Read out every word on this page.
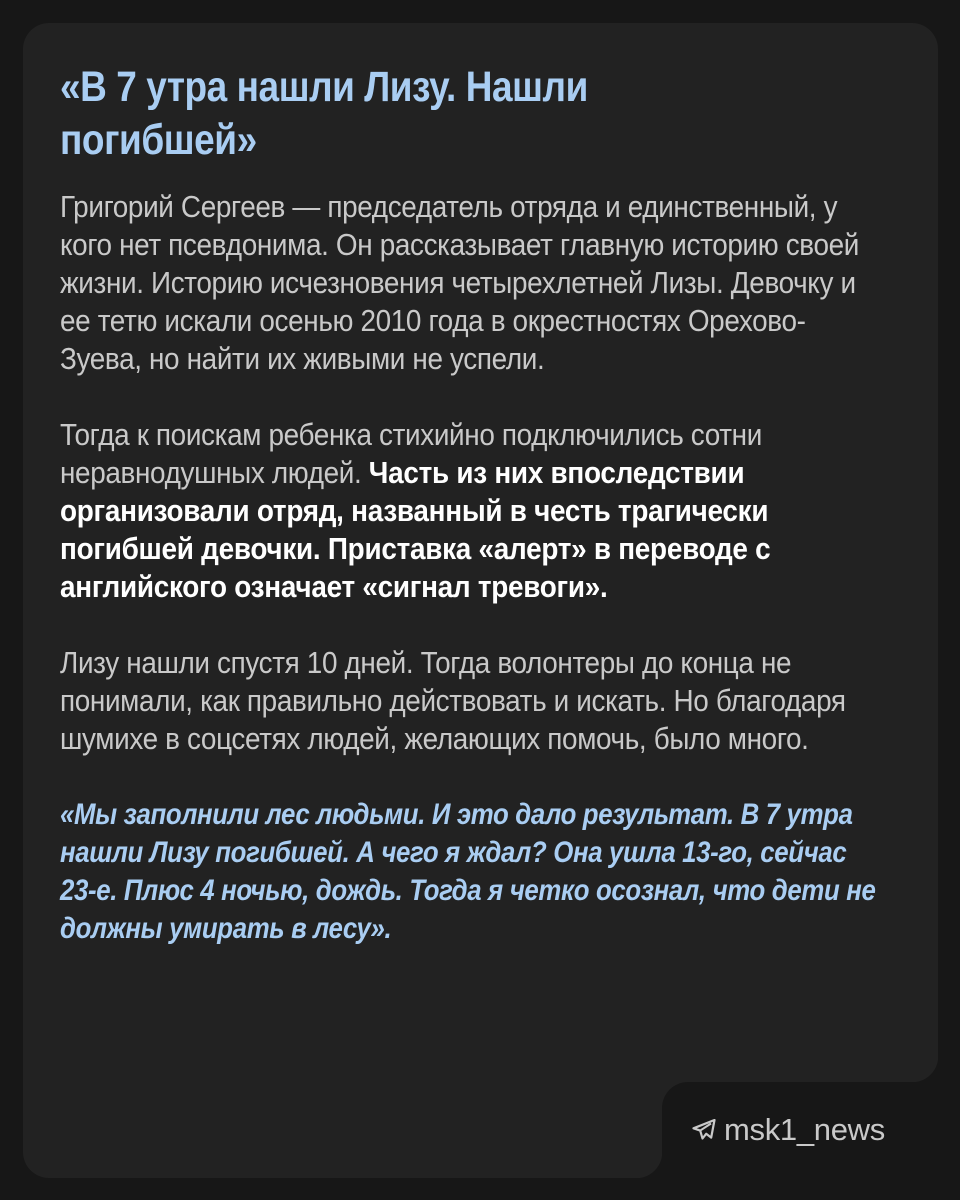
«В 7 утра нашли Лизу. Нашли погибшей»

Григорий Сергеев — председатель отряда и единственный, у кого нет псевдонима. Он рассказывает главную историю своей жизни. Историю исчезновения четырехлетней Лизы. Девочку и ее тетю искали осенью 2010 года в окрестностях Орехово-Зуева, но найти их живыми не успели.

Тогда к поискам ребенка стихийно подключились сотни неравнодушных людей. Часть из них впоследствии организовали отряд, названный в честь трагически погибшей девочки. Приставка «алерт» в переводе с английского означает «сигнал тревоги».

Лизу нашли спустя 10 дней. Тогда волонтеры до конца не понимали, как правильно действовать и искать. Но благодаря шумихе в соцсетях людей, желающих помочь, было много.

«Мы заполнили лес людьми. И это дало результат. В 7 утра нашли Лизу погибшей. А чего я ждал? Она ушла 13-го, сейчас 23-е. Плюс 4 ночью, дождь. Тогда я четко осознал, что дети не должны умирать в лесу».

msk1_news
